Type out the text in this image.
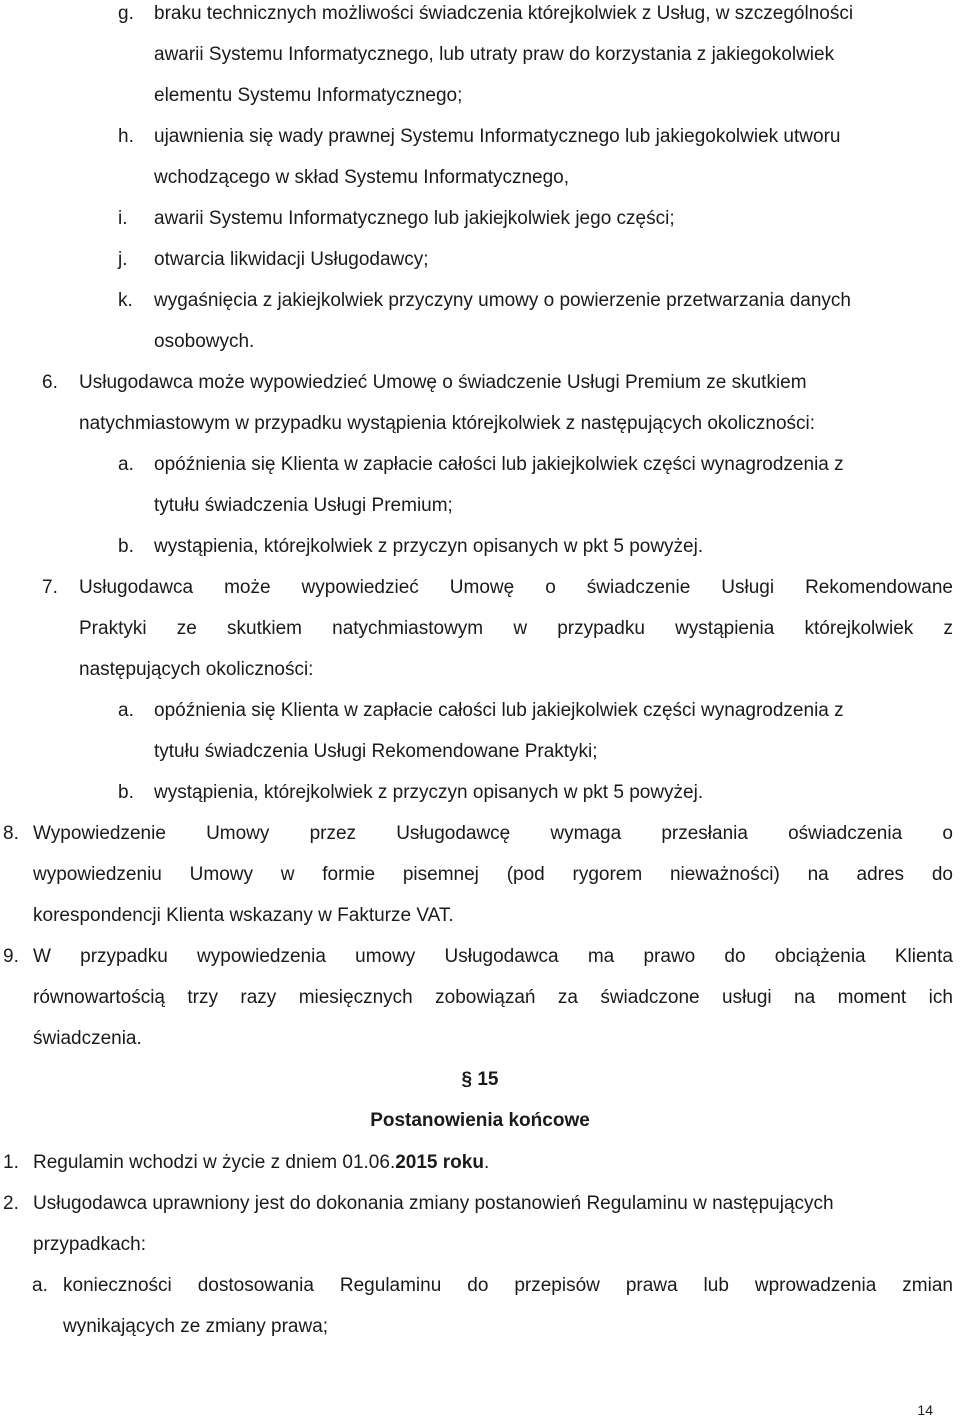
g. braku technicznych możliwości świadczenia którejkolwiek z Usług, w szczególności
awarii Systemu Informatycznego, lub utraty praw do korzystania z jakiegokolwiek
elementu Systemu Informatycznego;
h. ujawnienia się wady prawnej Systemu Informatycznego lub jakiegokolwiek utworu
wchodzącego w skład Systemu Informatycznego,
i. awarii Systemu Informatycznego lub jakiejkolwiek jego części;
j. otwarcia likwidacji Usługodawcy;
k. wygaśnięcia z jakiejkolwiek przyczyny umowy o powierzenie przetwarzania danych
osobowych.
6. Usługodawca może wypowiedzieć Umowę o świadczenie Usługi Premium ze skutkiem
natychmiastowym w przypadku wystąpienia którejkolwiek z następujących okoliczności:
a. opóźnienia się Klienta w zapłacie całości lub jakiejkolwiek części wynagrodzenia z
tytułu świadczenia Usługi Premium;
b. wystąpienia, którejkolwiek z przyczyn opisanych w pkt 5 powyżej.
7. Usługodawca może wypowiedzieć Umowę o świadczenie Usługi Rekomendowane
Praktyki ze skutkiem natychmiastowym w przypadku wystąpienia którejkolwiek z
następujących okoliczności:
a. opóźnienia się Klienta w zapłacie całości lub jakiejkolwiek części wynagrodzenia z
tytułu świadczenia Usługi Rekomendowane Praktyki;
b. wystąpienia, którejkolwiek z przyczyn opisanych w pkt 5 powyżej.
8. Wypowiedzenie Umowy przez Usługodawcę wymaga przesłania oświadczenia o
wypowiedzeniu Umowy w formie pisemnej (pod rygorem nieważności) na adres do
korespondencji Klienta wskazany w Fakturze VAT.
9. W przypadku wypowiedzenia umowy Usługodawca ma prawo do obciążenia Klienta
równowartością trzy razy miesięcznych zobowiązań za świadczone usługi na moment ich
świadczenia.
§ 15
Postanowienia końcowe
1. Regulamin wchodzi w życie z dniem 01.06.2015 roku.
2. Usługodawca uprawniony jest do dokonania zmiany postanowień Regulaminu w następujących
przypadkach:
a. konieczności dostosowania Regulaminu do przepisów prawa lub wprowadzenia zmian
wynikających ze zmiany prawa;
14
